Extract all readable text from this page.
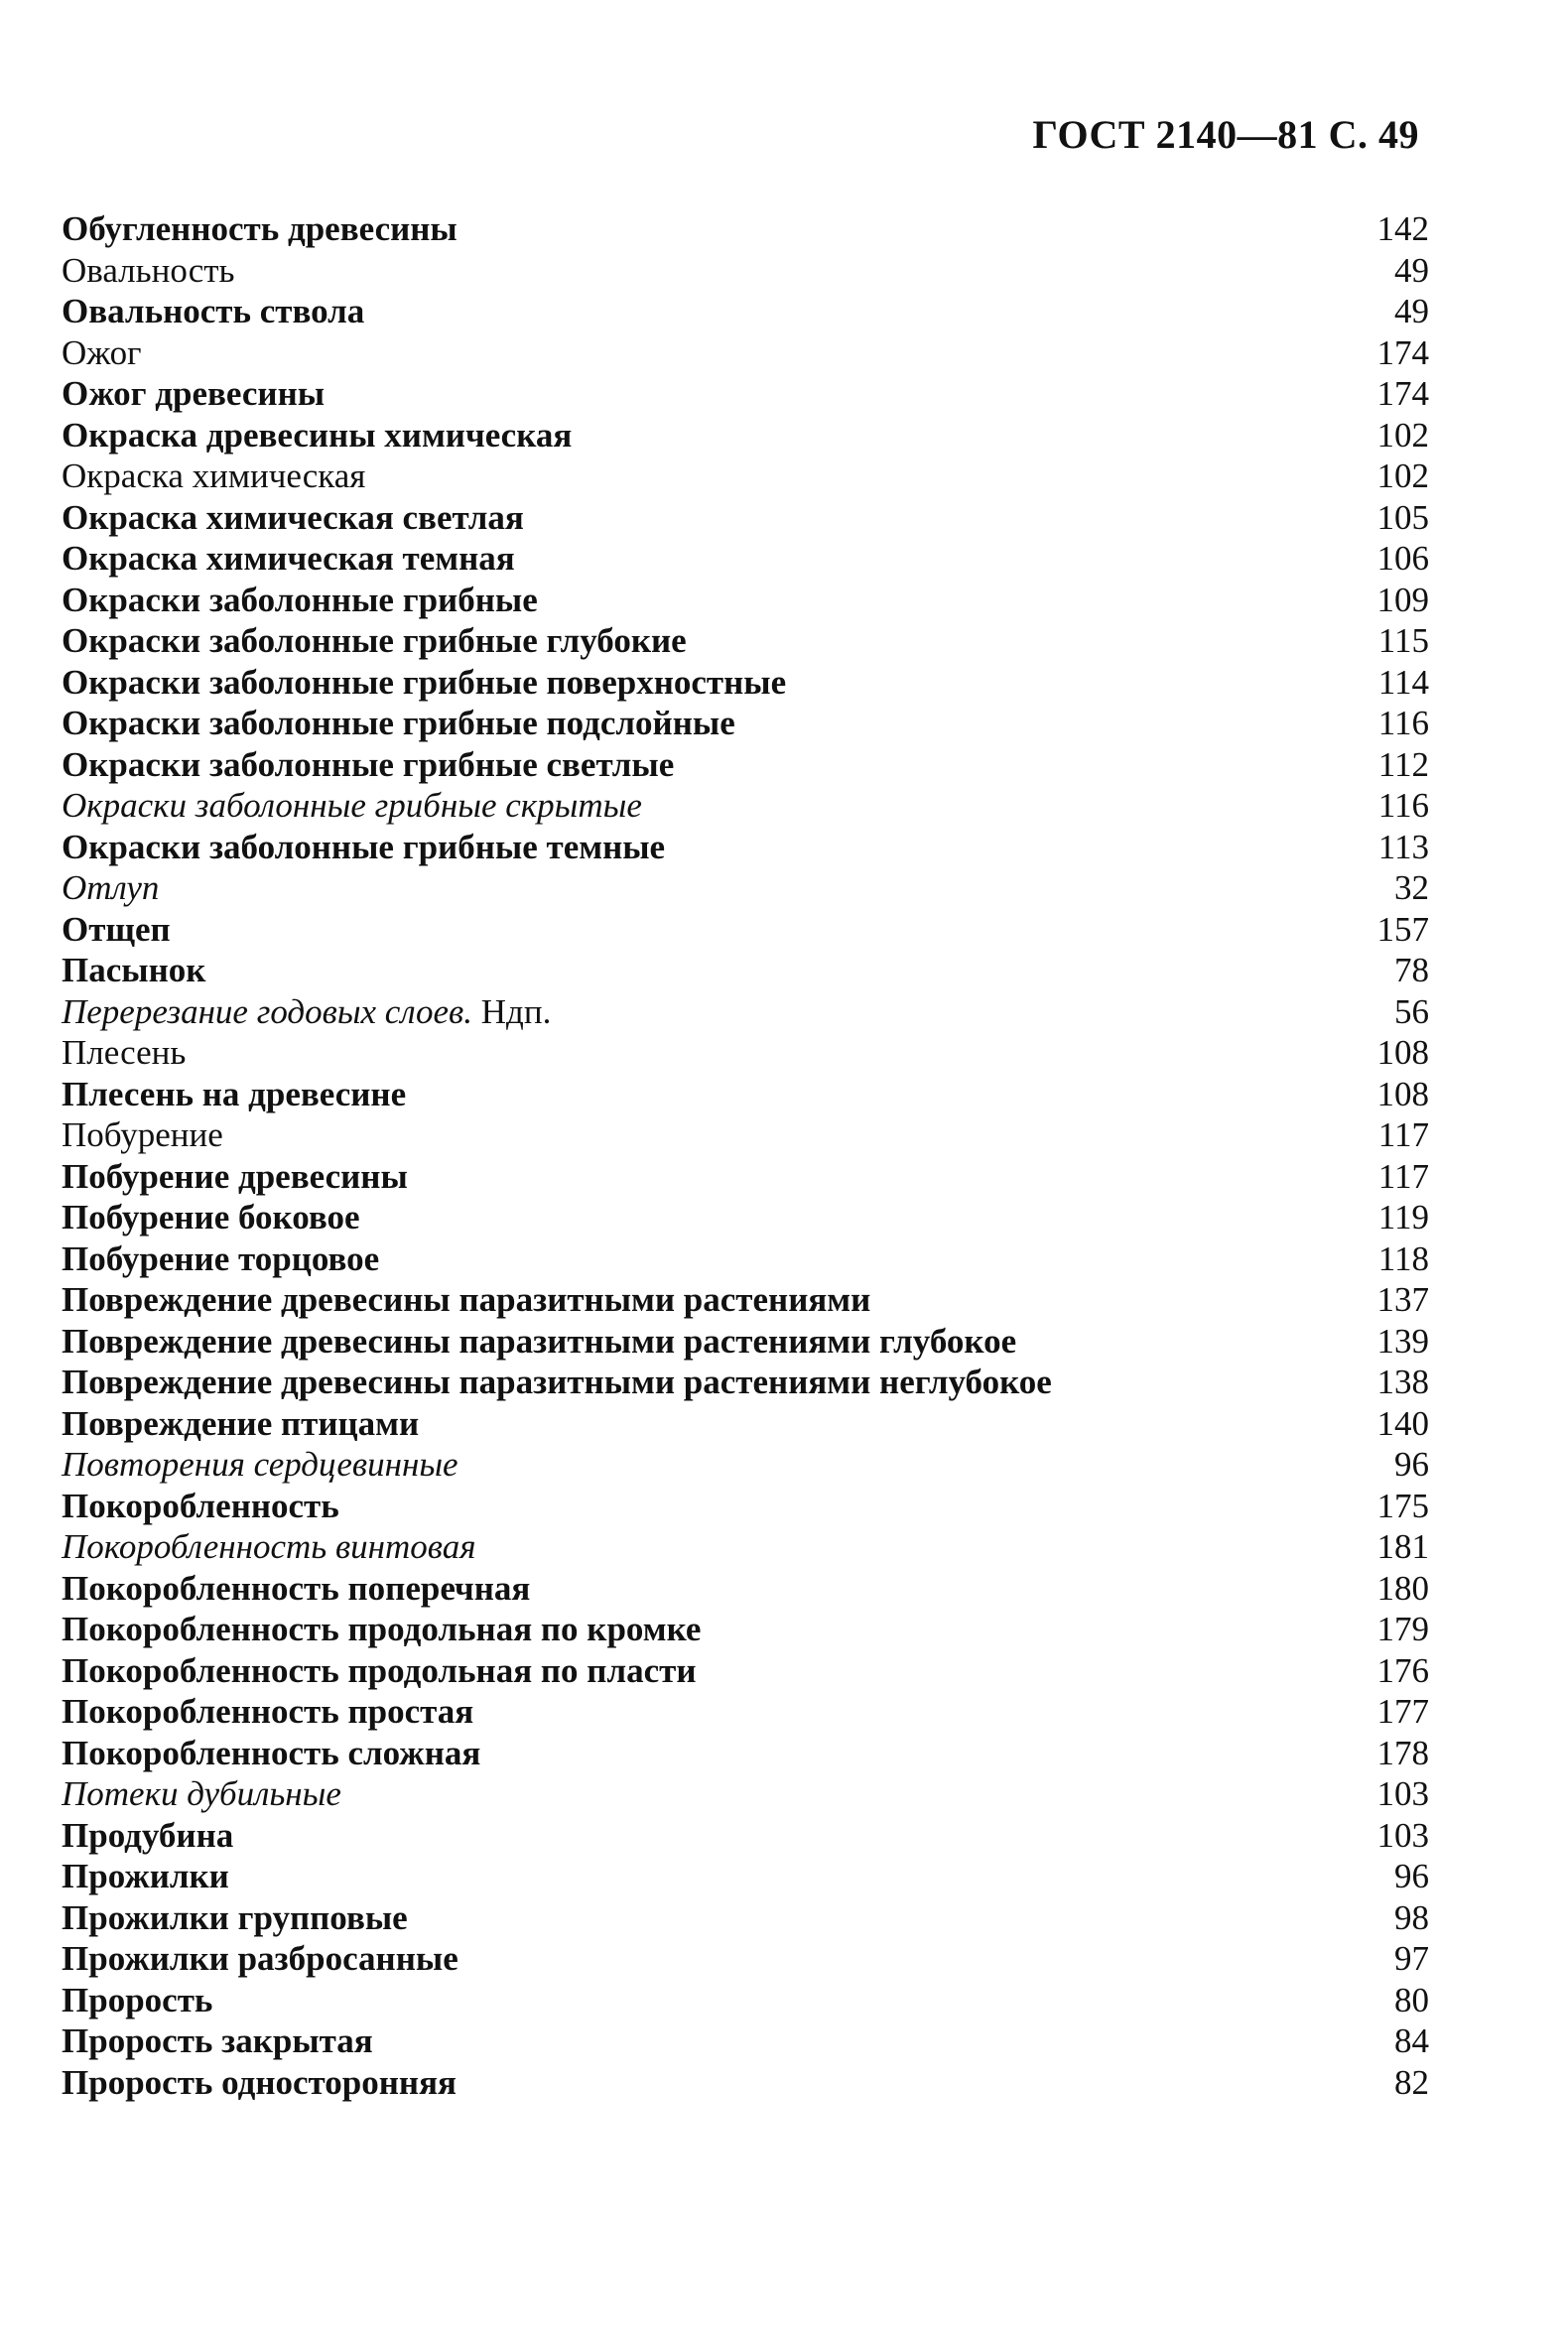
ГОСТ 2140—81 С. 49
Обугленность древесины	142
Овальность	49
Овальность ствола	49
Ожог	174
Ожог древесины	174
Окраска древесины химическая	102
Окраска химическая	102
Окраска химическая светлая	105
Окраска химическая темная	106
Окраски заболонные грибные	109
Окраски заболонные грибные глубокие	115
Окраски заболонные грибные поверхностные	114
Окраски заболонные грибные подслойные	116
Окраски заболонные грибные светлые	112
Окраски заболонные грибные скрытые	116
Окраски заболонные грибные темные	113
Отлуп	32
Отщеп	157
Пасынок	78
Перерезание годовых слоев. Ндп.	56
Плесень	108
Плесень на древесине	108
Побурение	117
Побурение древесины	117
Побурение боковое	119
Побурение торцовое	118
Повреждение древесины паразитными растениями	137
Повреждение древесины паразитными растениями глубокое	139
Повреждение древесины паразитными растениями неглубокое	138
Повреждение птицами	140
Повторения сердцевинные	96
Покоробленность	175
Покоробленность винтовая	181
Покоробленность поперечная	180
Покоробленность продольная по кромке	179
Покоробленность продольная по пласти	176
Покоробленность простая	177
Покоробленность сложная	178
Потеки дубильные	103
Продубина	103
Прожилки	96
Прожилки групповые	98
Прожилки разбросанные	97
Прорость	80
Прорость закрытая	84
Прорость односторонняя	82
